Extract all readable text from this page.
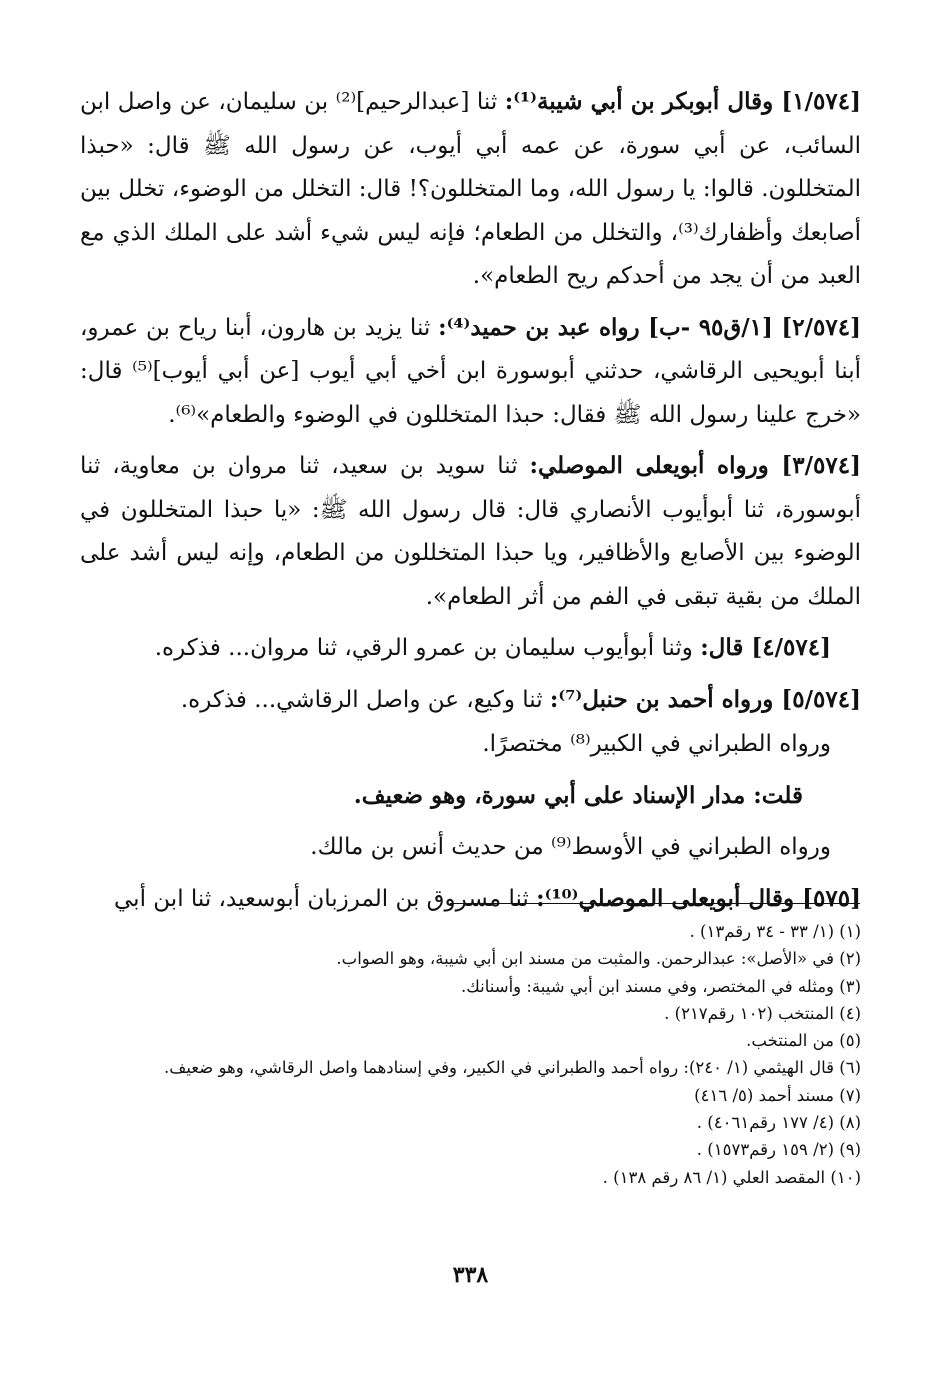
[١/٥٧٤] وقال أبوبكر بن أبي شيبة⁽¹⁾: ثنا [عبدالرحيم]⁽²⁾ بن سليمان، عن واصل ابن السائب، عن أبي سورة، عن عمه أبي أيوب، عن رسول الله ﷺ قال: «حبذا المتخللون. قالوا: يا رسول الله، وما المتخللون؟! قال: التخلل من الوضوء، تخلل بين أصابعك وأظفارك⁽³⁾، والتخلل من الطعام؛ فإنه ليس شيء أشد على الملك الذي مع العبد من أن يجد من أحدكم ريح الطعام».

[٢/٥٧٤] [١/ق٩٥ -ب] رواه عبد بن حميد⁽⁴⁾: ثنا يزيد بن هارون، أبنا رياح بن عمرو، أبنا أبويحيى الرقاشي، حدثني أبوسورة ابن أخي أبي أيوب [عن أبي أيوب]⁽⁵⁾ قال: «خرج علينا رسول الله ﷺ فقال: حبذا المتخللون في الوضوء والطعام»⁽⁶⁾.

[٣/٥٧٤] ورواه أبويعلى الموصلي: ثنا سويد بن سعيد، ثنا مروان بن معاوية، ثنا أبوسورة، ثنا أبوأيوب الأنصاري قال: قال رسول الله ﷺ: «يا حبذا المتخللون في الوضوء بين الأصابع والأظافير، ويا حبذا المتخللون من الطعام، وإنه ليس أشد على الملك من بقية تبقى في الفم من أثر الطعام».

[٤/٥٧٤] قال: وثنا أبوأيوب سليمان بن عمرو الرقي، ثنا مروان... فذكره.

[٥/٥٧٤] ورواه أحمد بن حنبل⁽⁷⁾: ثنا وكيع، عن واصل الرقاشي... فذكره.

ورواه الطبراني في الكبير⁽⁸⁾ مختصرًا.

قلت: مدار الإسناد على أبي سورة، وهو ضعيف.

ورواه الطبراني في الأوسط⁽⁹⁾ من حديث أنس بن مالك.

[٥٧٥] وقال أبويعلى الموصلي⁽¹⁰⁾: ثنا مسروق بن المرزبان أبوسعيد، ثنا ابن أبي

(١) (١/ ٣٣ - ٣٤ رقم١٣) .
(٢) في «الأصل»: عبدالرحمن. والمثبت من مسند ابن أبي شيبة، وهو الصواب.
(٣) ومثله في المختصر، وفي مسند ابن أبي شيبة: وأسنانك.
(٤) المنتخب (١٠٢ رقم٢١٧) .
(٥) من المنتخب.
(٦) قال الهيثمي (١/ ٢٤٠): رواه أحمد والطبراني في الكبير، وفي إسنادهما واصل الرقاشي، وهو ضعيف.
(٧) مسند أحمد (٥/ ٤١٦)
(٨) (٤/ ١٧٧ رقم٤٠٦١) .
(٩) (٢/ ١٥٩ رقم١٥٧٣) .
(١٠) المقصد العلي (١/ ٨٦ رقم ١٣٨) .
٣٣٨
